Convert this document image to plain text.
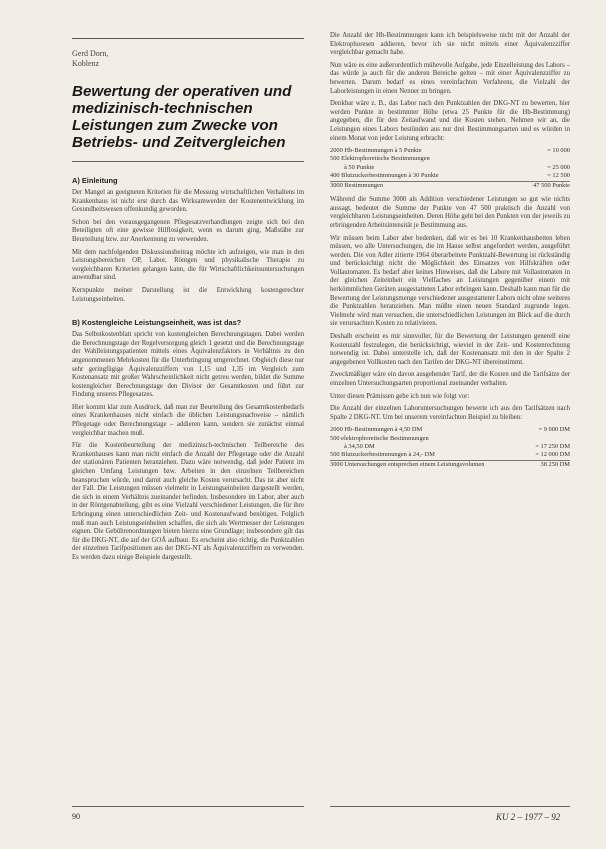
Gerd Dorn,
Koblenz
Bewertung der operativen und medizinisch-technischen Leistungen zum Zwecke von Betriebs- und Zeitvergleichen
A) Einleitung

Der Mangel an geeigneten Kriterien für die Messung wirtschaftlichen Verhaltens im Krankenhaus ist nicht erst durch das Wirksamwerden der Kostenentwicklung im Gesundheitswesen offenkundig geworden.

Schon bei den vorausgegangenen Pflegesatzverhandlungen zeigte sich bei den Beteiligten oft eine gewisse Hilflosigkeit, wenn es darum ging, Maßstäbe zur Beurteilung bzw. zur Anerkennung zu verwenden.

Mit dem nachfolgenden Diskussionsbeitrag möchte ich aufzeigen, wie man in den Leistungsbereichen OP, Labor, Röntgen und physikalische Therapie zu vergleichbaren Kriterien gelangen kann, die für Wirtschaftlichkeitsuntersuchungen anwendbar sind.

Kernpunkte meiner Darstellung ist die Entwicklung kostengerechter Leistungseinheiten.

B) Kostengleiche Leistungseinheit, was ist das?

Das Selbstkostenblatt spricht von kostengleichen Berechnungstagen. Dabei werden die Berechnungstage der Regelversorgung gleich 1 gesetzt und die Berechnungstage der Wahlleistungspatienten mittels eines Äquivalenzfaktors in Verhältnis zu den angenommenen Mehrkosten für die Unterbringung umgerechnet. Obgleich diese nur sehr geringfügige Äquivalenzziffern von 1,15 und 1,35 im Vergleich zum Kostenansatz mit großer Wahrscheinlichkeit nicht getreu werden, bildet die Summe kostengleicher Berechnungstage den Divisor der Gesamtkosten und führt zur Findung unseres Pflegesatzes.

Hier kommt klar zum Ausdruck, daß man zur Beurteilung des Gesamtkostenbedarfs eines Krankenhauses nicht einfach die üblichen Leistungsnachweise – nämlich Pflegetage oder Berechnungstage – addieren kann, sondern sie zunächst einmal vergleichbar machen muß.

Für die Kostenbeurteilung der medizinisch-technischen Teilbereiche des Krankenhauses kann man nicht einfach die Anzahl der Pflegetage oder die Anzahl der stationären Patienten heranziehen. Dazu wäre notwendig, daß jeder Patient im gleichen Umfang Leistungen bzw. Arbeiten in den einzelnen Teilbereichen beanspruchen würde, und damit auch gleiche Kosten verursacht. Das ist aber nicht der Fall. Die Leistungen müssen vielmehr in Leistungseinheiten dargestellt werden, die sich in einem Verhältnis zueinander befinden. Insbesondere im Labor, aber auch in der Röntgenabteilung, gibt es eine Vielzahl verschiedener Leistungen, die für ihre Erbringung einen unterschiedlichen Zeit- und Kostenaufwand benötigen. Folglich muß man auch Leistungseinheiten schaffen, die sich als Wertmesser der Leistungen eignen. Die Gebührenordnungen bieten hierzu eine Grundlage; insbesondere gilt das für die DKG-NT, die auf der GOÄ aufbaut. Es erscheint also richtig, die Punktzahlen der einzelnen Tarifpositionen aus der DKG-NT als Äquivalenzziffern zu verwenden. Es werden dazu einige Beispiele dargestellt.

Die Anzahl der Hb-Bestimmungen kann ich beispielsweise nicht mit der Anzahl der Elektrophoresen addieren, bevor ich sie nicht mittels einer Äquivalenzziffer vergleichbar gemacht habe.

Nun wäre es eine außerordentlich mühevolle Aufgabe, jede Einzelleistung des Labors – das würde ja auch für die anderen Bereiche gelten – mit einer Äquivalenzziffer zu bewerten. Darum bedarf es eines vereinfachten Verfahrens, die Vielzahl der Laborleistungen in einen Nenner zu bringen.

Denkbar wäre z. B., das Labor nach den Punktzahlen der DKG-NT zu bewerten, hier werden Punkte in bestimmter Höhe (etwa 25 Punkte für die Hb-Bestimmung) angegeben, die für den Zeitaufwand und die Kosten stehen. Nehmen wir an, die Leistungen eines Labors bestünden aus nur drei Bestimmungsarten und es würden in einem Monat von jeder Leistung erbracht:

2000 Hb-Bestimmungen à 5 Punkte	= 10 000
500 Elektrophoretische Bestimmungen
à 50 Punkte	= 25 000
400 Blutzuckerbestimmungen à 30 Punkte	= 12 500
3000 Bestimmungen	47 500 Punkte

Während die Summe 3000 als Addition verschiedener Leistungen so gut wie nichts aussagt, bedeutet die Summe der Punkte von 47 500 praktisch die Anzahl von vergleichbaren Leistungseinheiten. Deren Höhe geht bei den Punkten von der jeweils zu erbringenden Arbeitsintensität je Bestimmung aus.

Wir müssen beim Labor aber bedenken, daß wir es bei 10 Krankenhausbetten leben müssen, wo alle Untersuchungen, die im Hause selbst angefordert werden, ausgeführt werden. Die von Adler zitierte 1964 überarbeitete Punktzahl-Bewertung ist rückständig und berücksichtigt nicht die Möglichkeit des Einsatzes von Hilfskräften oder Vollautomaten. Es bedarf aber keines Hinweises, daß die Labore mit Vollautomaten in der gleichen Zeiteinheit ein Vielfaches an Leistungen gegenüber einem mit herkömmlichen Geräten ausgestatteten Labor erbringen kann. Deshalb kann man für die Bewertung der Leistungsmenge verschiedener ausgestatteter Labors nicht ohne weiteres die Punktzahlen heranziehen. Man müßte einen neuen Standard zugrunde legen. Vielmehr wird man versuchen, die unterschiedlichen Leistungen im Blick auf die durch sie verursachten Kosten zu relativieren.

Deshalb erscheint es mir sinnvoller, für die Bewertung der Leistungen generell eine Kostenzahl festzulegen, die berücksichtigt, wieviel in der Zeit- und Kostenrechnung notwendig ist. Dabei unterstelle ich, daß der Kostenansatz mit den in der Spalte 2 angegebenen Vollkosten nach den Tarifen der DKG-NT übereinstimmt.

Zweckmäßiger wäre ein davon ausgehender Tarif, der die Kosten und die Tarifsätze der einzelnen Untersuchungsarten proportional zueinander verhalten.

Unter diesen Prämissen gehe ich nun wie folgt vor:

Die Anzahl der einzelnen Laboruntersuchungen bewerte ich aus den Tarifsätzen nach Spalte 2 DKG-NT. Um bei unserem vereinfachten Beispiel zu bleiben:

2000 Hb-Bestimmungen à 4,50 DM	= 9 000 DM
500 elektrophoretische Bestimmungen
à 34,50 DM	= 17 250 DM
500 Blutzuckerbestimmungen à 24,- DM	= 12 000 DM
3000 Untersuchungen entsprechen einem Leistungsvolumen	38 250 DM
90	KU 2 – 1977 – 92
